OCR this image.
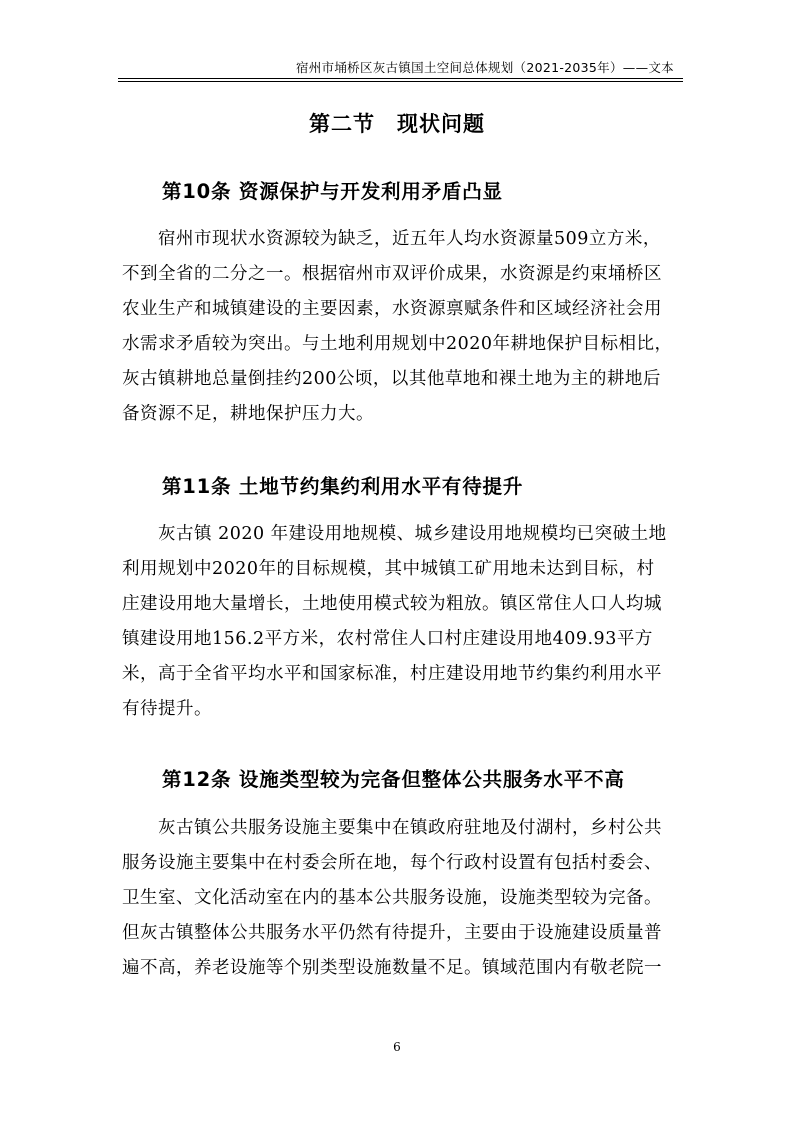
宿州市埇桥区灰古镇国土空间总体规划（2021-2035年）——文本
第二节　现状问题
第10条 资源保护与开发利用矛盾凸显
宿州市现状水资源较为缺乏，近五年人均水资源量509立方米，
不到全省的二分之一。根据宿州市双评价成果，水资源是约束埇桥区
农业生产和城镇建设的主要因素，水资源禀赋条件和区域经济社会用
水需求矛盾较为突出。与土地利用规划中2020年耕地保护目标相比，
灰古镇耕地总量倒挂约200公顷，以其他草地和裸土地为主的耕地后
备资源不足，耕地保护压力大。
第11条 土地节约集约利用水平有待提升
灰古镇 2020 年建设用地规模、城乡建设用地规模均已突破土地
利用规划中2020年的目标规模，其中城镇工矿用地未达到目标，村
庄建设用地大量增长，土地使用模式较为粗放。镇区常住人口人均城
镇建设用地156.2平方米，农村常住人口村庄建设用地409.93平方
米，高于全省平均水平和国家标准，村庄建设用地节约集约利用水平
有待提升。
第12条 设施类型较为完备但整体公共服务水平不高
灰古镇公共服务设施主要集中在镇政府驻地及付湖村，乡村公共
服务设施主要集中在村委会所在地，每个行政村设置有包括村委会、
卫生室、文化活动室在内的基本公共服务设施，设施类型较为完备。
但灰古镇整体公共服务水平仍然有待提升，主要由于设施建设质量普
遍不高，养老设施等个别类型设施数量不足。镇域范围内有敬老院一
6
